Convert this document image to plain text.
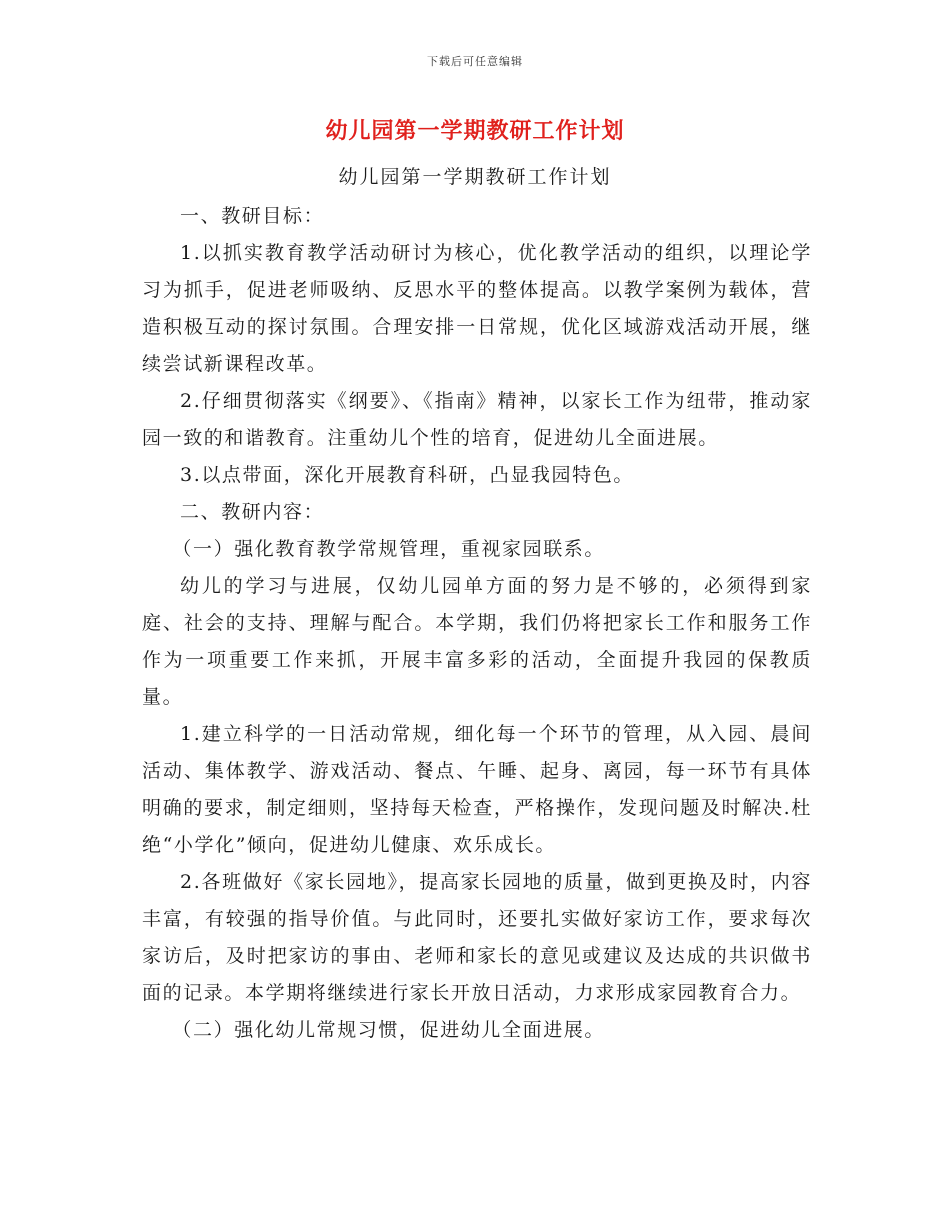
下载后可任意编辑
幼儿园第一学期教研工作计划
幼儿园第一学期教研工作计划

一、教研目标：

1.以抓实教育教学活动研讨为核心，优化教学活动的组织，以理论学习为抓手，促进老师吸纳、反思水平的整体提高。以教学案例为载体，营造积极互动的探讨氛围。合理安排一日常规，优化区域游戏活动开展，继续尝试新课程改革。

2.仔细贯彻落实《纲要》、《指南》精神，以家长工作为纽带，推动家园一致的和谐教育。注重幼儿个性的培育，促进幼儿全面进展。

3.以点带面，深化开展教育科研，凸显我园特色。

二、教研内容：

（一）强化教育教学常规管理，重视家园联系。

幼儿的学习与进展，仅幼儿园单方面的努力是不够的，必须得到家庭、社会的支持、理解与配合。本学期，我们仍将把家长工作和服务工作作为一项重要工作来抓，开展丰富多彩的活动，全面提升我园的保教质量。

1.建立科学的一日活动常规，细化每一个环节的管理，从入园、晨间活动、集体教学、游戏活动、餐点、午睡、起身、离园，每一环节有具体明确的要求，制定细则，坚持每天检查，严格操作，发现问题及时解决.杜绝“小学化”倾向，促进幼儿健康、欢乐成长。

2.各班做好《家长园地》，提高家长园地的质量，做到更换及时，内容丰富，有较强的指导价值。与此同时，还要扎实做好家访工作，要求每次家访后，及时把家访的事由、老师和家长的意见或建议及达成的共识做书面的记录。本学期将继续进行家长开放日活动，力求形成家园教育合力。

（二）强化幼儿常规习惯，促进幼儿全面进展。
